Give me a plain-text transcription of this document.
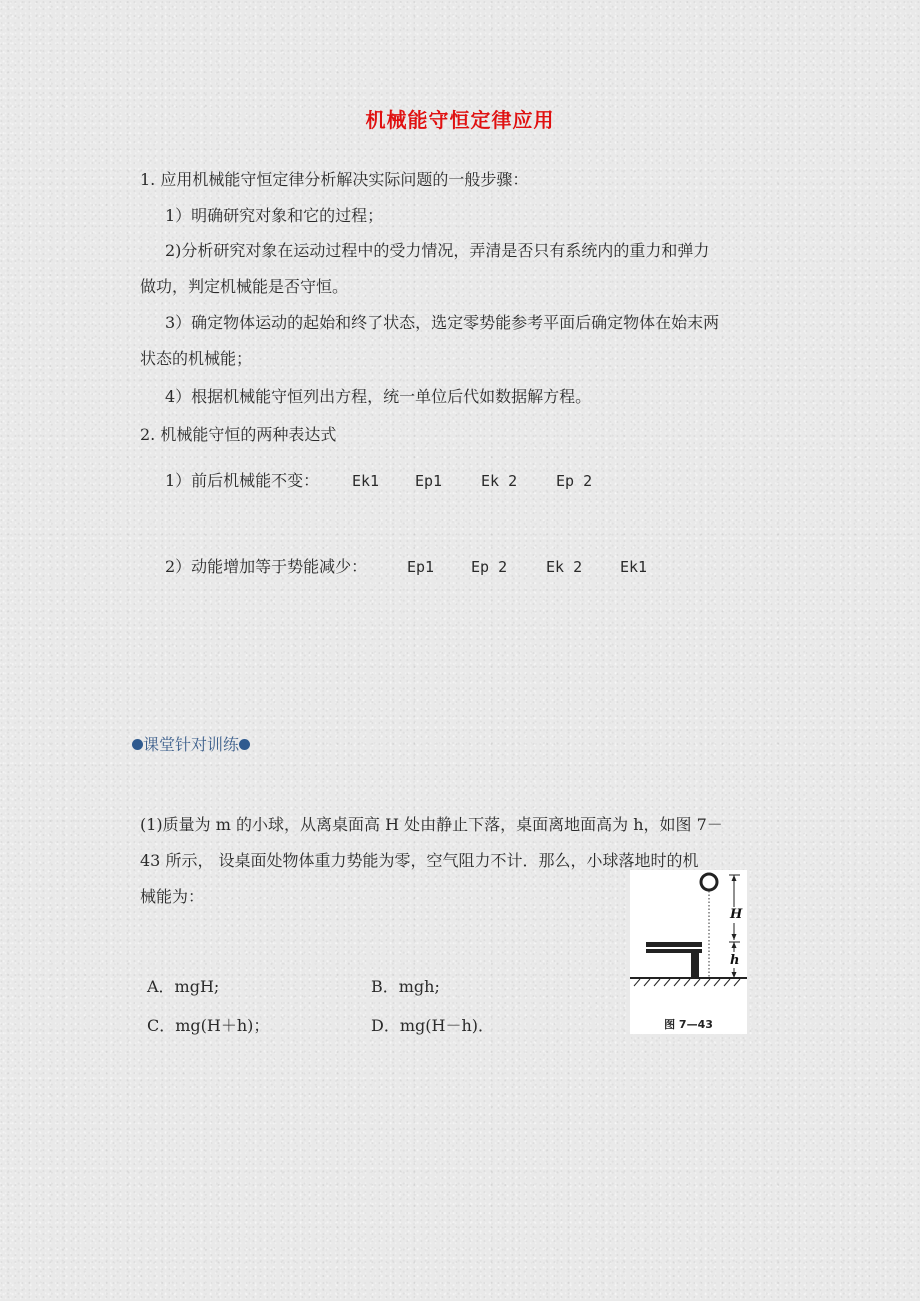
机械能守恒定律应用
1. 应用机械能守恒定律分析解决实际问题的一般步骤：
1）明确研究对象和它的过程；
2)分析研究对象在运动过程中的受力情况，弄清是否只有系统内的重力和弹力
做功，判定机械能是否守恒。
3）确定物体运动的起始和终了状态，选定零势能参考平面后确定物体在始末两
状态的机械能；
4）根据机械能守恒列出方程，统一单位后代如数据解方程。
2. 机械能守恒的两种表达式
1）前后机械能不变： Ek1 Ep1	Ek 2	Ep 2
2）动能增加等于势能减少：	Ep1 Ep 2	Ek 2	Ek1
课堂针对训练
(1)质量为 m 的小球，从离桌面高 H 处由静止下落，桌面离地面高为 h，如图 7－
43 所示， 设桌面处物体重力势能为零，空气阻力不计．那么，小球落地时的机
械能为：
A．mgH;	B．mgh;
C．mg(H＋h)；	D．mg(H－h)．
H
h
图 7—43
